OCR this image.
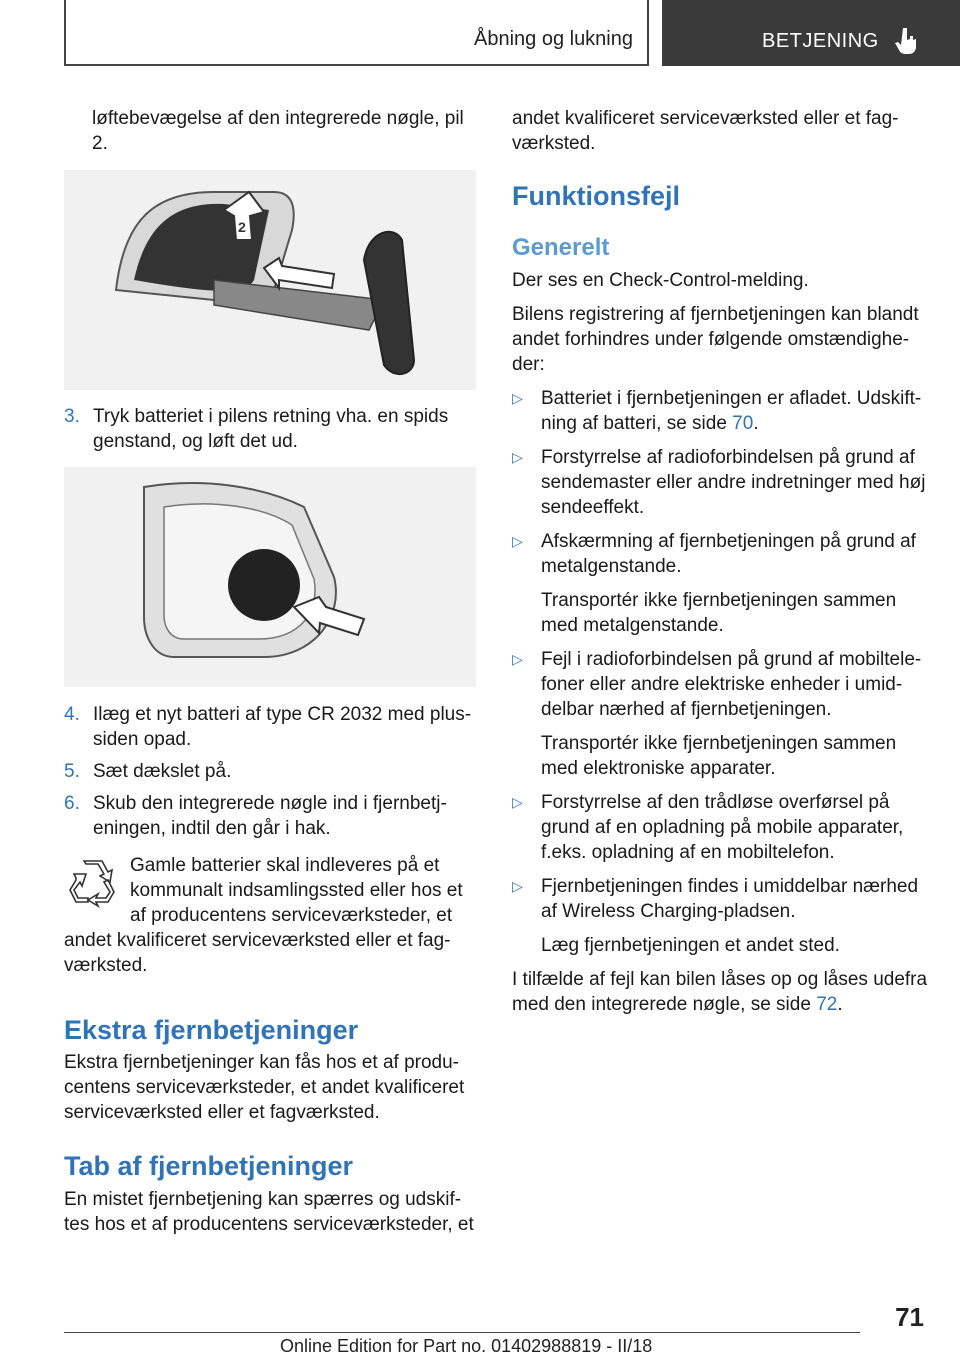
Åbning og lukning	BETJENING
løftebevægelse af den integrerede nøgle, pil 2.
2
3. Tryk batteriet i pilens retning vha. en spids genstand, og løft det ud.
4. Ilæg et nyt batteri af type CR 2032 med plus-siden opad.
5. Sæt dækslet på.
6. Skub den integrerede nøgle ind i fjernbetj-eningen, indtil den går i hak.
Gamle batterier skal indleveres på et kommunalt indsamlingssted eller hos et af producentens serviceværksteder, et
andet kvalificeret serviceværksted eller et fag-værksted.
Ekstra fjernbetjeninger
Ekstra fjernbetjeninger kan fås hos et af produ-centens serviceværksteder, et andet kvalificeret serviceværksted eller et fagværksted.
Tab af fjernbetjeninger
En mistet fjernbetjening kan spærres og udskif-tes hos et af producentens serviceværksteder, et
andet kvalificeret serviceværksted eller et fag-værksted.
Funktionsfejl
Generelt
Der ses en Check-Control-melding.
Bilens registrering af fjernbetjeningen kan blandt andet forhindres under følgende omstændighe-der:
▷ Batteriet i fjernbetjeningen er afladet. Udskift-ning af batteri, se side 70.
▷ Forstyrrelse af radioforbindelsen på grund af sendemaster eller andre indretninger med høj sendeeffekt.
▷ Afskærmning af fjernbetjeningen på grund af metalgenstande.
Transportér ikke fjernbetjeningen sammen med metalgenstande.
▷ Fejl i radioforbindelsen på grund af mobiltele-foner eller andre elektriske enheder i umid-delbar nærhed af fjernbetjeningen.
Transportér ikke fjernbetjeningen sammen med elektroniske apparater.
▷ Forstyrrelse af den trådløse overførsel på grund af en opladning på mobile apparater, f.eks. opladning af en mobiltelefon.
▷ Fjernbetjeningen findes i umiddelbar nærhed af Wireless Charging-pladsen.
Læg fjernbetjeningen et andet sted.
I tilfælde af fejl kan bilen låses op og låses udefra med den integrerede nøgle, se side 72.
71
Online Edition for Part no. 01402988819 - II/18
